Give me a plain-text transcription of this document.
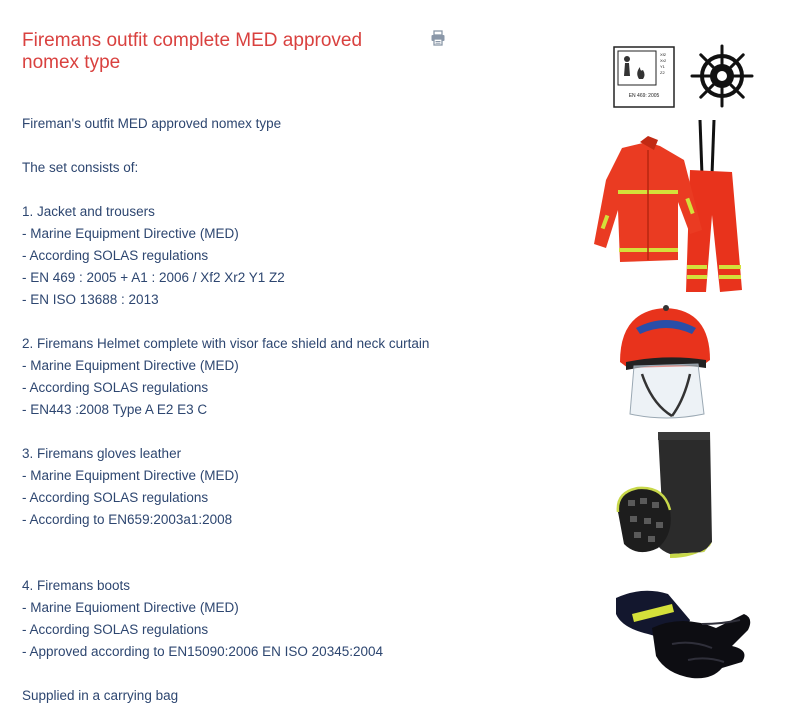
Firemans outfit complete MED approved nomex type

Fireman's outfit MED approved nomex type

The set consists of:

1. Jacket and trousers

- Marine Equipment Directive (MED)

- According SOLAS regulations

- EN 469 : 2005 + A1 : 2006 / Xf2 Xr2 Y1 Z2

- EN ISO 13688 : 2013

2. Firemans Helmet complete with visor face shield and neck curtain

- Marine Equipment Directive (MED)

- According SOLAS regulations

- EN443 :2008 Type A E2 E3 C

3. Firemans gloves leather

- Marine Equipment Directive (MED)

- According SOLAS regulations

- According to EN659:2003a1:2008

4. Firemans boots

- Marine Equioment Directive (MED)

- According SOLAS regulations

- Approved according to EN15090:2006 EN ISO 20345:2004

Supplied in a carrying bag

Xf2
Xr2
Y1
Z2
EN 469: 2005
